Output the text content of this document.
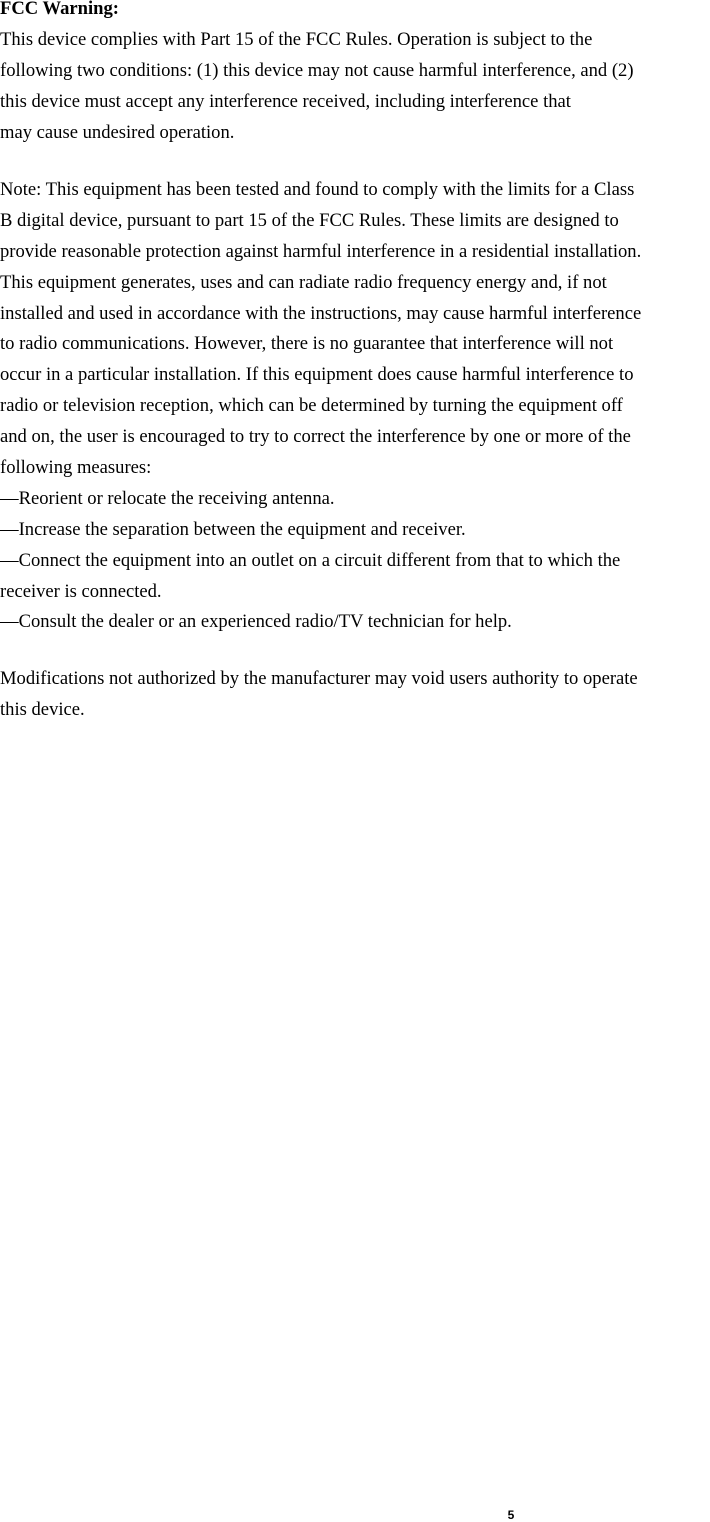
FCC Warning:
This device complies with Part 15 of the FCC Rules. Operation is subject to the
following two conditions: (1) this device may not cause harmful interference, and (2)
this device must accept any interference received, including interference that
may cause undesired operation.
Note: This equipment has been tested and found to comply with the limits for a Class
B digital device, pursuant to part 15 of the FCC Rules. These limits are designed to
provide reasonable protection against harmful interference in a residential installation.
This equipment generates, uses and can radiate radio frequency energy and, if not
installed and used in accordance with the instructions, may cause harmful interference
to radio communications. However, there is no guarantee that interference will not
occur in a particular installation. If this equipment does cause harmful interference to
radio or television reception, which can be determined by turning the equipment off
and on, the user is encouraged to try to correct the interference by one or more of the
following measures:
—Reorient or relocate the receiving antenna.
—Increase the separation between the equipment and receiver.
—Connect the equipment into an outlet on a circuit different from that to which the
receiver is connected.
—Consult the dealer or an experienced radio/TV technician for help.
Modifications not authorized by the manufacturer may void users authority to operate
this device.
5
